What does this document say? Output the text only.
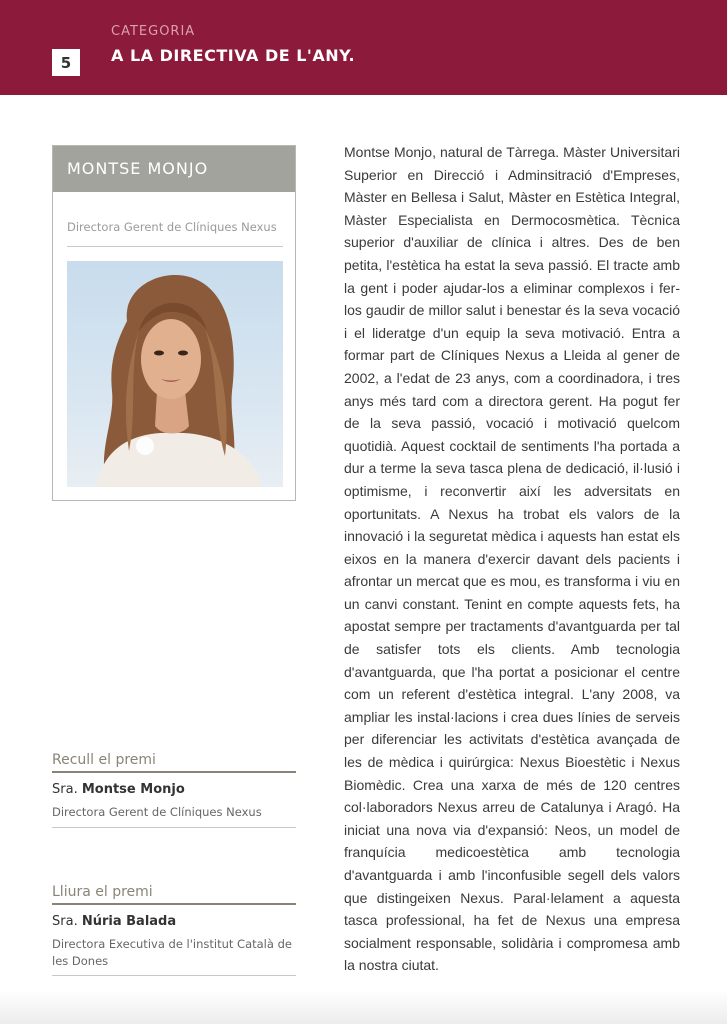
CATEGORIA
A LA DIRECTIVA DE L'ANY.
5
MONTSE MONJO
Directora Gerent de Clíniques Nexus
Recull el premi
Sra. Montse Monjo
Directora Gerent de Clíniques Nexus
Lliura el premi
Sra. Núria Balada
Directora Executiva de l'institut Català de les Dones
Montse Monjo, natural de Tàrrega. Màster Universitari Superior en Direcció i Adminsitració d'Empreses, Màster en Bellesa i Salut, Màster en Estètica Integral, Màster Especialista en Dermocosmètica. Tècnica superior d'auxiliar de clínica i altres. Des de ben petita, l'estètica ha estat la seva passió. El tracte amb la gent i poder ajudar-los a eliminar complexos i fer-los gaudir de millor salut i benestar és la seva vocació i el lideratge d'un equip la seva motivació. Entra a formar part de Clíniques Nexus a Lleida al gener de 2002, a l'edat de 23 anys, com a coordinadora, i tres anys més tard com a directora gerent. Ha pogut fer de la seva passió, vocació i motivació quelcom quotidià. Aquest cocktail de sentiments l'ha portada a dur a terme la seva tasca plena de dedicació, il·lusió i optimisme, i reconvertir així les adversitats en oportunitats. A Nexus ha trobat els valors de la innovació i la seguretat mèdica i aquests han estat els eixos en la manera d'exercir davant dels pacients i afrontar un mercat que es mou, es transforma i viu en un canvi constant. Tenint en compte aquests fets, ha apostat sempre per tractaments d'avantguarda per tal de satisfer tots els clients. Amb tecnologia d'avantguarda, que l'ha portat a posicionar el centre com un referent d'estètica integral. L'any 2008, va ampliar les instal·lacions i crea dues línies de serveis per diferenciar les activitats d'estètica avançada de les de mèdica i quirúrgica: Nexus Bioestètic i Nexus Biomèdic. Crea una xarxa de més de 120 centres col·laboradors Nexus arreu de Catalunya i Aragó. Ha iniciat una nova via d'expansió: Neos, un model de franquícia medicoestètica amb tecnologia d'avantguarda i amb l'inconfusible segell dels valors que distingeixen Nexus. Paral·lelament a aquesta tasca professional, ha fet de Nexus una empresa socialment responsable, solidària i compromesa amb la nostra ciutat.
